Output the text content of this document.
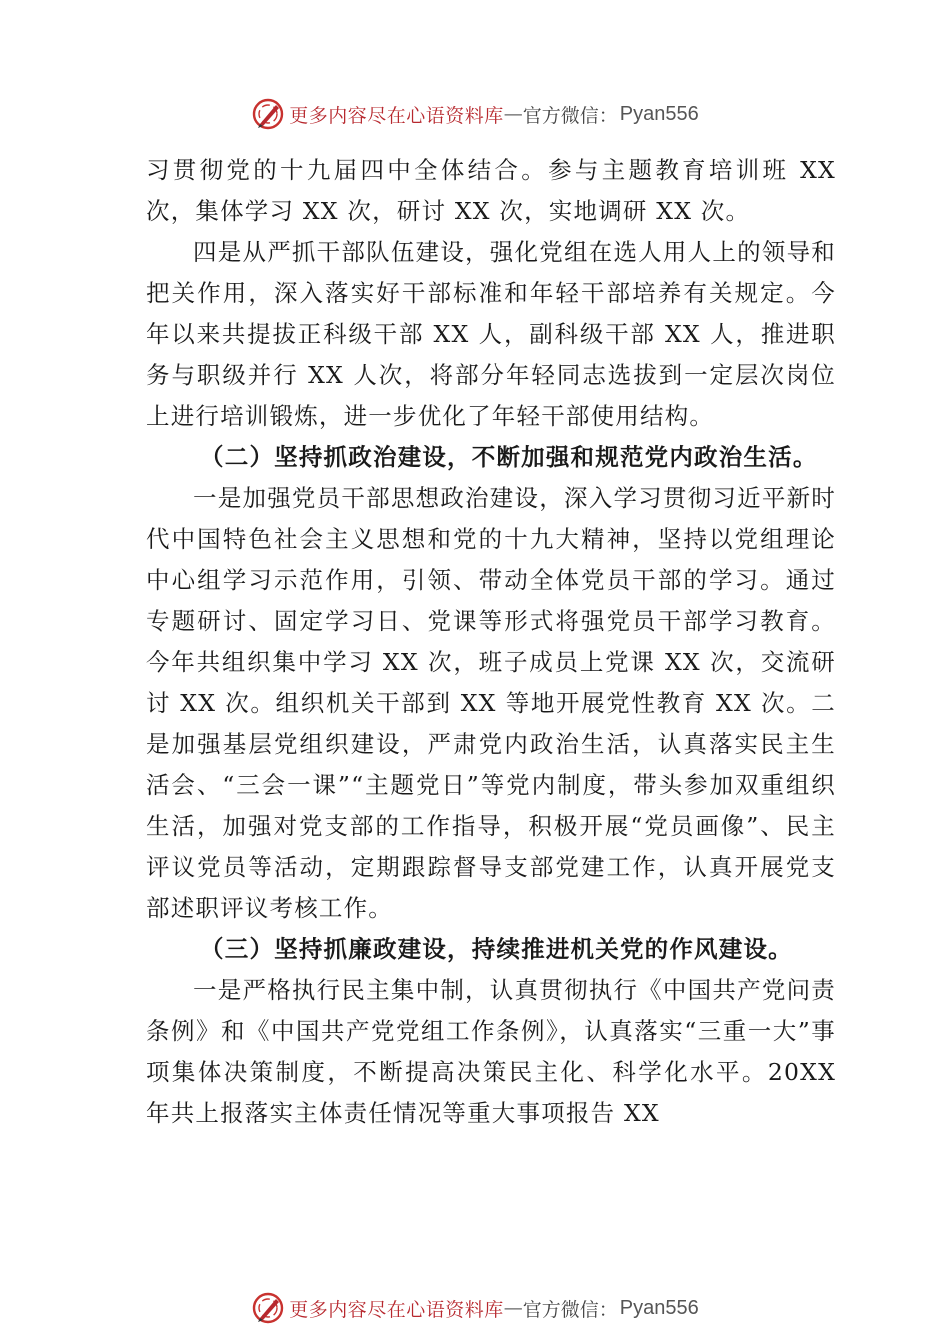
更多内容尽在心语资料库 — 官方微信： Pyan556

习贯彻党的十九届四中全体结合。参与主题教育培训班 XX 次，集体学习 XX 次，研讨 XX 次，实地调研 XX 次。

四是从严抓干部队伍建设，强化党组在选人用人上的领导和把关作用，深入落实好干部标准和年轻干部培养有关规定。今年以来共提拔正科级干部 XX 人，副科级干部 XX 人，推进职务与职级并行 XX 人次，将部分年轻同志选拔到一定层次岗位上进行培训锻炼，进一步优化了年轻干部使用结构。

（二）坚持抓政治建设，不断加强和规范党内政治生活。

一是加强党员干部思想政治建设，深入学习贯彻习近平新时代中国特色社会主义思想和党的十九大精神，坚持以党组理论中心组学习示范作用，引领、带动全体党员干部的学习。通过专题研讨、固定学习日、党课等形式将强党员干部学习教育。今年共组织集中学习 XX 次，班子成员上党课 XX 次，交流研讨 XX 次。组织机关干部到 XX 等地开展党性教育 XX 次。二是加强基层党组织建设，严肃党内政治生活，认真落实民主生活会、“三会一课”“主题党日”等党内制度，带头参加双重组织生活，加强对党支部的工作指导，积极开展“党员画像”、民主评议党员等活动，定期跟踪督导支部党建工作，认真开展党支部述职评议考核工作。

（三）坚持抓廉政建设，持续推进机关党的作风建设。

一是严格执行民主集中制，认真贯彻执行《中国共产党问责条例》和《中国共产党党组工作条例》，认真落实“三重一大”事项集体决策制度，不断提高决策民主化、科学化水平。20XX 年共上报落实主体责任情况等重大事项报告 XX

更多内容尽在心语资料库 — 官方微信： Pyan556
